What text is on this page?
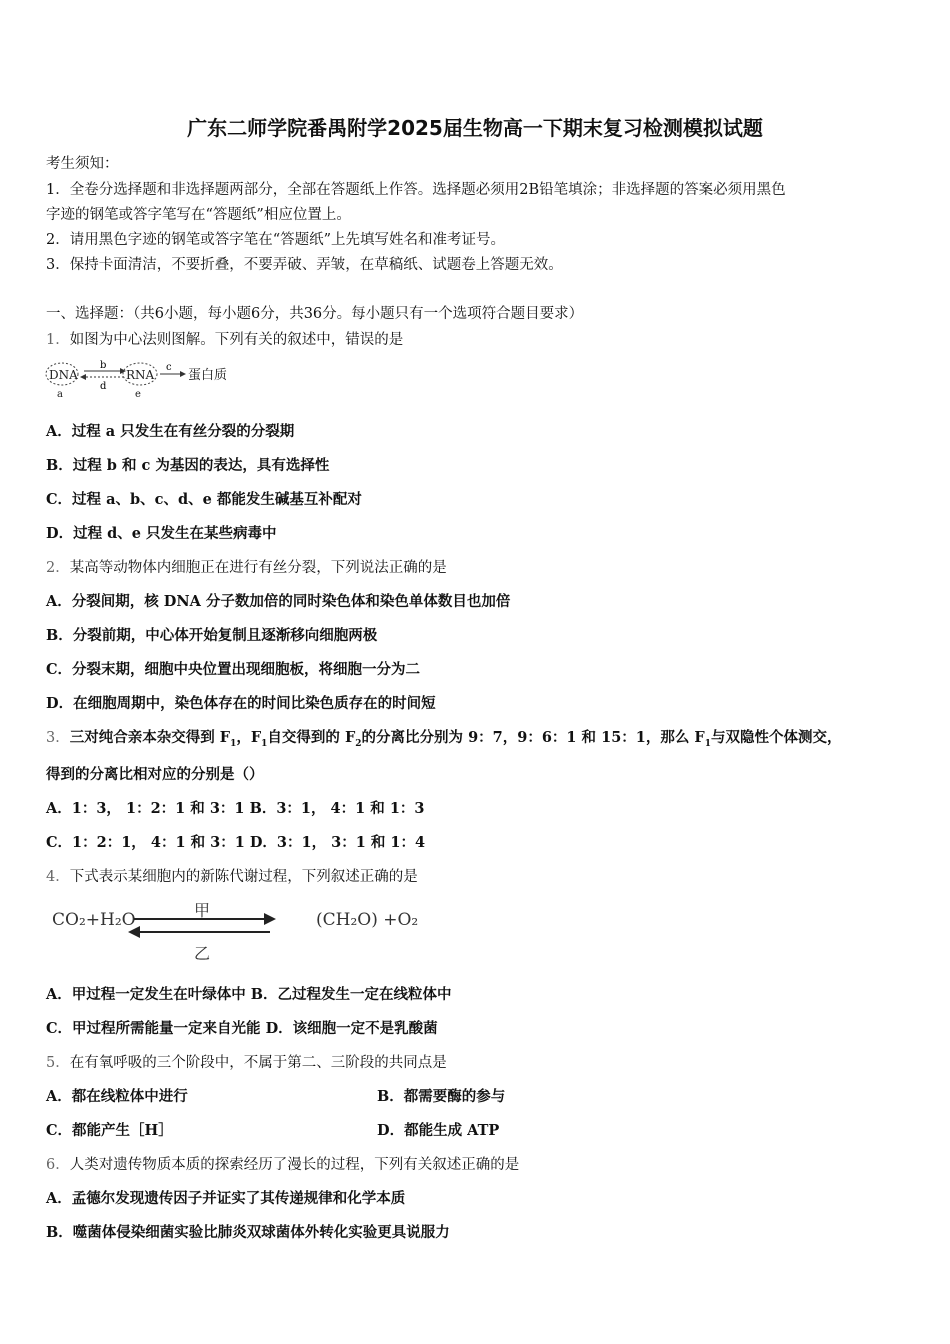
广东二师学院番禺附学2025届生物高一下期末复习检测模拟试题
考生须知：
1．全卷分选择题和非选择题两部分，全部在答题纸上作答。选择题必须用2B铅笔填涂；非选择题的答案必须用黑色
字迹的钢笔或答字笔写在“答题纸”相应位置上。
2．请用黑色字迹的钢笔或答字笔在“答题纸”上先填写姓名和准考证号。
3．保持卡面清洁，不要折叠，不要弄破、弄皱，在草稿纸、试题卷上答题无效。
一、选择题：（共6小题，每小题6分，共36分。每小题只有一个选项符合题目要求）
1．如图为中心法则图解。下列有关的叙述中，错误的是
DNA
a
b
d
RNA
e
c
蛋白质
A．过程 a 只发生在有丝分裂的分裂期
B．过程 b 和 c 为基因的表达，具有选择性
C．过程 a、b、c、d、e 都能发生碱基互补配对
D．过程 d、e 只发生在某些病毒中
2．某高等动物体内细胞正在进行有丝分裂，下列说法正确的是
A．分裂间期，核 DNA 分子数加倍的同时染色体和染色单体数目也加倍
B．分裂前期，中心体开始复制且逐渐移向细胞两极
C．分裂末期，细胞中央位置出现细胞板，将细胞一分为二
D．在细胞周期中，染色体存在的时间比染色质存在的时间短
3．三对纯合亲本杂交得到 $F_1$，$F_1$自交得到的 $F_2$的分离比分别为 9：7，9：6：1 和 15：1，那么 $F_1$与双隐性个体测交，
得到的分离比相对应的分别是（）
A．1：3， 1：2：1 和 3：1 B．3：1， 4：1 和 1：3
C．1：2：1， 4：1 和 3：1 D．3：1， 3：1 和 1：4
4．下式表示某细胞内的新陈代谢过程，下列叙述正确的是
CO₂+H₂O	甲
乙
(CH₂O) +O₂
A．甲过程一定发生在叶绿体中 B．乙过程发生一定在线粒体中
C．甲过程所需能量一定来自光能 D．该细胞一定不是乳酸菌
5．在有氧呼吸的三个阶段中，不属于第二、三阶段的共同点是
A．都在线粒体中进行	B．都需要酶的参与
C．都能产生［H］	D．都能生成 ATP
6．人类对遗传物质本质的探索经历了漫长的过程，下列有关叙述正确的是
A．孟德尔发现遗传因子并证实了其传递规律和化学本质
B．噬菌体侵染细菌实验比肺炎双球菌体外转化实验更具说服力
